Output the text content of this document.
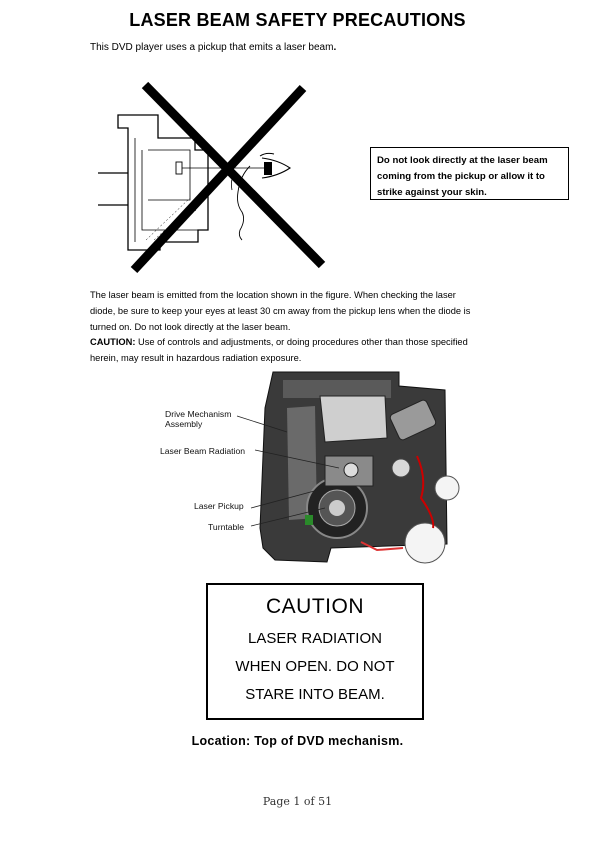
LASER BEAM SAFETY PRECAUTIONS
This DVD player uses a pickup that emits a laser beam.
Do not look directly at the laser beam
coming from the pickup or allow it to
strike against your skin.
The laser beam is emitted from the location shown in the figure. When checking the laser
diode, be sure to keep your eyes at least 30 cm away from the pickup lens when the diode is
turned on. Do not look directly at the laser beam.
CAUTION: Use of controls and adjustments, or doing procedures other than those specified
herein, may result in hazardous radiation exposure.
Drive Mechanism
Assembly
Laser Beam Radiation
Laser Pickup
Turntable
CAUTION
LASER RADIATION
WHEN OPEN. DO NOT
STARE INTO BEAM.
Location: Top of DVD mechanism.
Page 1 of 51
